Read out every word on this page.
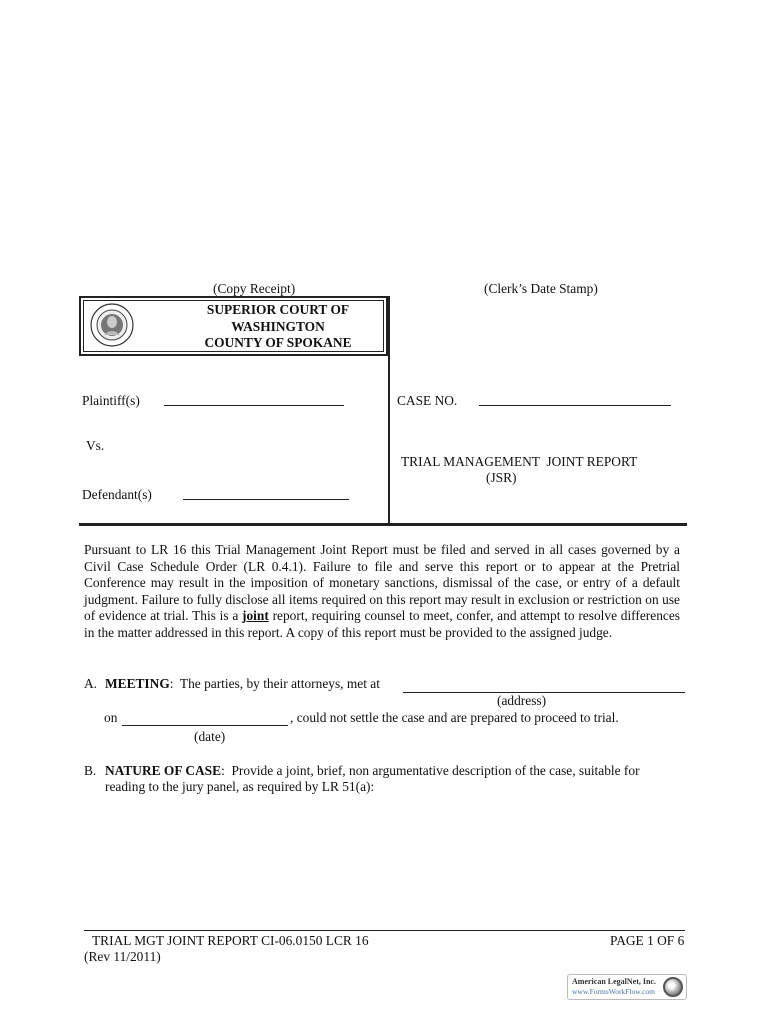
(Copy Receipt)	(Clerk’s Date Stamp)
SUPERIOR COURT OF
WASHINGTON
COUNTY OF SPOKANE
Plaintiff(s)
Vs.
Defendant(s)
CASE NO.
TRIAL MANAGEMENT  JOINT REPORT
(JSR)

Pursuant to LR 16 this Trial Management Joint Report must be filed and served in all cases governed by a Civil Case Schedule Order (LR 0.4.1). Failure to file and serve this report or to appear at the Pretrial Conference may result in the imposition of monetary sanctions, dismissal of the case, or entry of a default judgment. Failure to fully disclose all items required on this report may result in exclusion or restriction on use of evidence at trial. This is a joint report, requiring counsel to meet, confer, and attempt to resolve differences in the matter addressed in this report. A copy of this report must be provided to the assigned judge.

A. MEETING:  The parties, by their attorneys, met at
(address)
on	, could not settle the case and are prepared to proceed to trial.
(date)
B. NATURE OF CASE:  Provide a joint, brief, non argumentative description of the case, suitable for
reading to the jury panel, as required by LR 51(a):
TRIAL MGT JOINT REPORT CI-06.0150 LCR 16
(Rev 11/2011)
PAGE 1 OF 6
American LegalNet, Inc.
www.FormsWorkFlow.com
